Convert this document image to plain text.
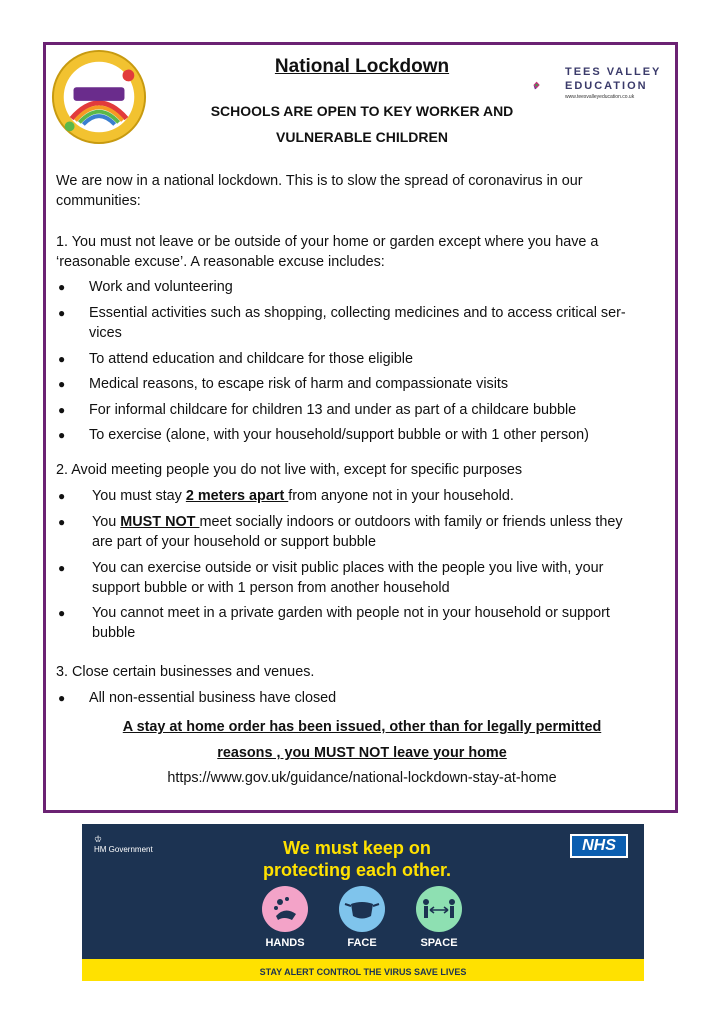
TEES VALLEY
EDUCATION
www.teesvalleyeducation.co.uk
National Lockdown
SCHOOLS ARE OPEN TO KEY WORKER AND
VULNERABLE CHILDREN
We are now in a national lockdown. This is to slow the spread of coronavirus in our
communities:
1. You must not leave or be outside of your home or garden except where you have a
‘reasonable excuse’. A reasonable excuse includes:
● Work and volunteering
● Essential activities such as shopping, collecting medicines and to access critical ser-
vices
● To attend education and childcare for those eligible
● Medical reasons, to escape risk of harm and compassionate visits
● For informal childcare for children 13 and under as part of a childcare bubble
● To exercise (alone, with your household/support bubble or with 1 other person)
2. Avoid meeting people you do not live with, except for specific purposes
● You must stay 2 meters apart from anyone not in your household.
● You MUST NOT meet socially indoors or outdoors with family or friends unless they
are part of your household or support bubble
● You can exercise outside or visit public places with the people you live with, your
support bubble or with 1 person from another household
● You cannot meet in a private garden with people not in your household or support
bubble
3. Close certain businesses and venues.
● All non-essential business have closed
A stay at home order has been issued, other than for legally permitted
reasons , you MUST NOT leave your home
https://www.gov.uk/guidance/national-lockdown-stay-at-home
♔
HM Government	We must keep on
protecting each other.
NHS
HANDS	FACE	SPACE
STAY ALERT CONTROL THE VIRUS SAVE LIVES
